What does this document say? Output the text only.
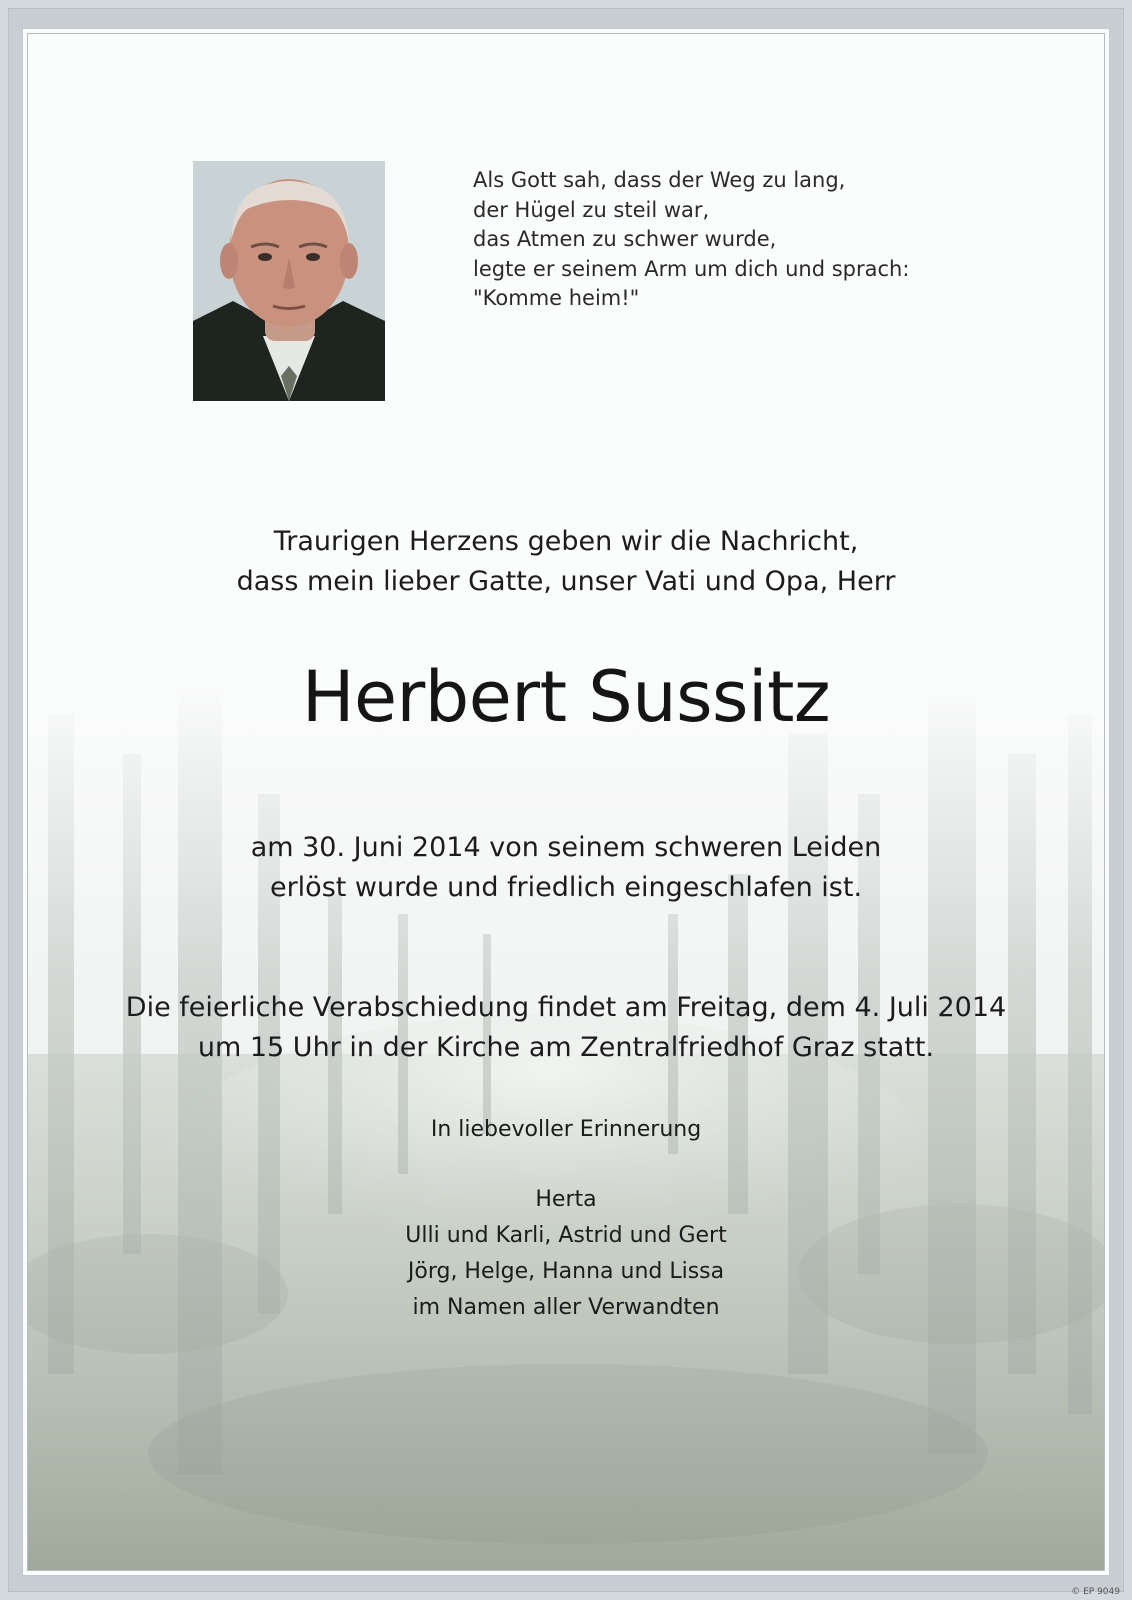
Als Gott sah, dass der Weg zu lang,
der Hügel zu steil war,
das Atmen zu schwer wurde,
legte er seinem Arm um dich und sprach:
"Komme heim!"
Traurigen Herzens geben wir die Nachricht,
dass mein lieber Gatte, unser Vati und Opa, Herr
Herbert Sussitz
am 30. Juni 2014 von seinem schweren Leiden
erlöst wurde und friedlich eingeschlafen ist.
Die feierliche Verabschiedung findet am Freitag, dem 4. Juli 2014
um 15 Uhr in der Kirche am Zentralfriedhof Graz statt.
In liebevoller Erinnerung
Herta
Ulli und Karli, Astrid und Gert
Jörg, Helge, Hanna und Lissa
im Namen aller Verwandten
© EP 9049
